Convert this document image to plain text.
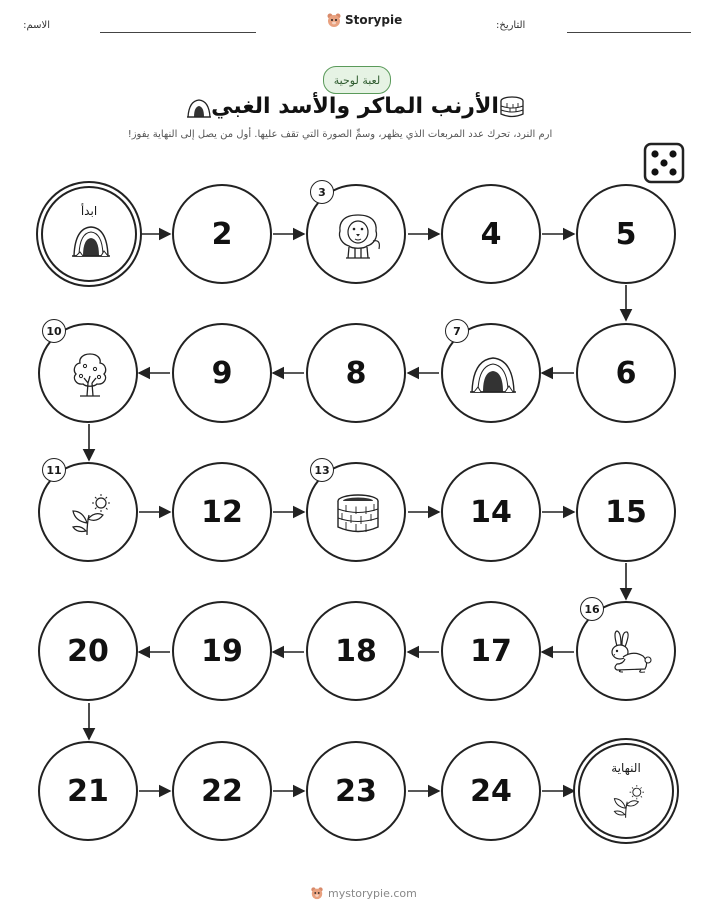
الاسم:	Storypie	التاريخ:
لعبة لوحية
الأرنب الماكر والأسد الغبي
ارم النرد، تحرك عدد المربعات الذي يظهر، وسمِّ الصورة التي تقف عليها. أول من يصل إلى النهاية يفوز!
ابدأ
2
3
4	5
6
7
8
9
10
11
12
13
14	15
16
17
18
19
20
21	22	23	24
النهاية
mystorypie.com
